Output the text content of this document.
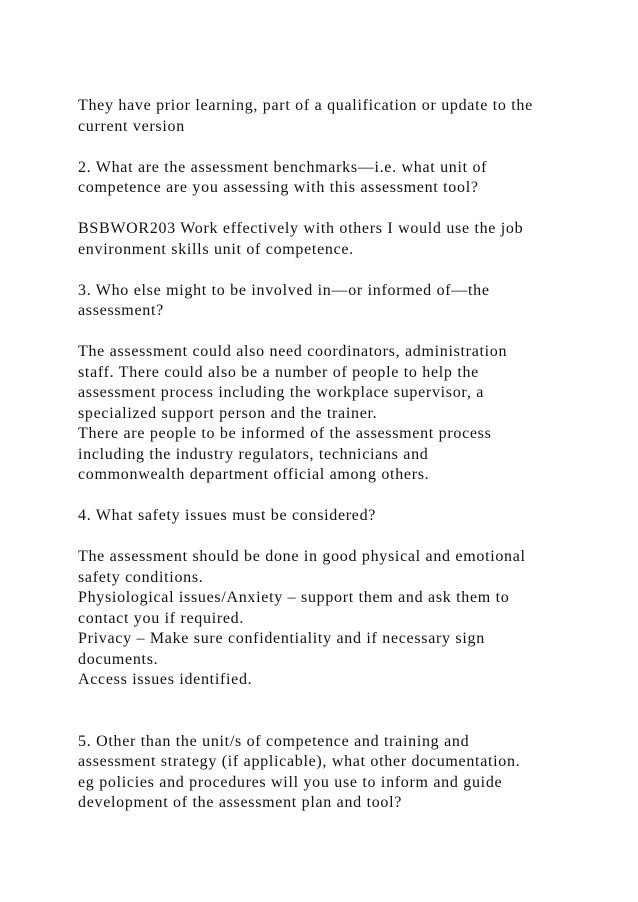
They have prior learning, part of a qualification or update to the
current version
2. What are the assessment benchmarks—i.e. what unit of
competence are you assessing with this assessment tool?
BSBWOR203 Work effectively with others I would use the job
environment skills unit of competence.
3. Who else might to be involved in—or informed of—the
assessment?
The assessment could also need coordinators, administration
staff. There could also be a number of people to help the
assessment process including the workplace supervisor, a
specialized support person and the trainer.
There are people to be informed of the assessment process
including the industry regulators, technicians and
commonwealth department official among others.
4. What safety issues must be considered?
The assessment should be done in good physical and emotional
safety conditions.
Physiological issues/Anxiety – support them and ask them to
contact you if required.
Privacy – Make sure confidentiality and if necessary sign
documents.
Access issues identified.
5. Other than the unit/s of competence and training and
assessment strategy (if applicable), what other documentation.
eg policies and procedures will you use to inform and guide
development of the assessment plan and tool?
